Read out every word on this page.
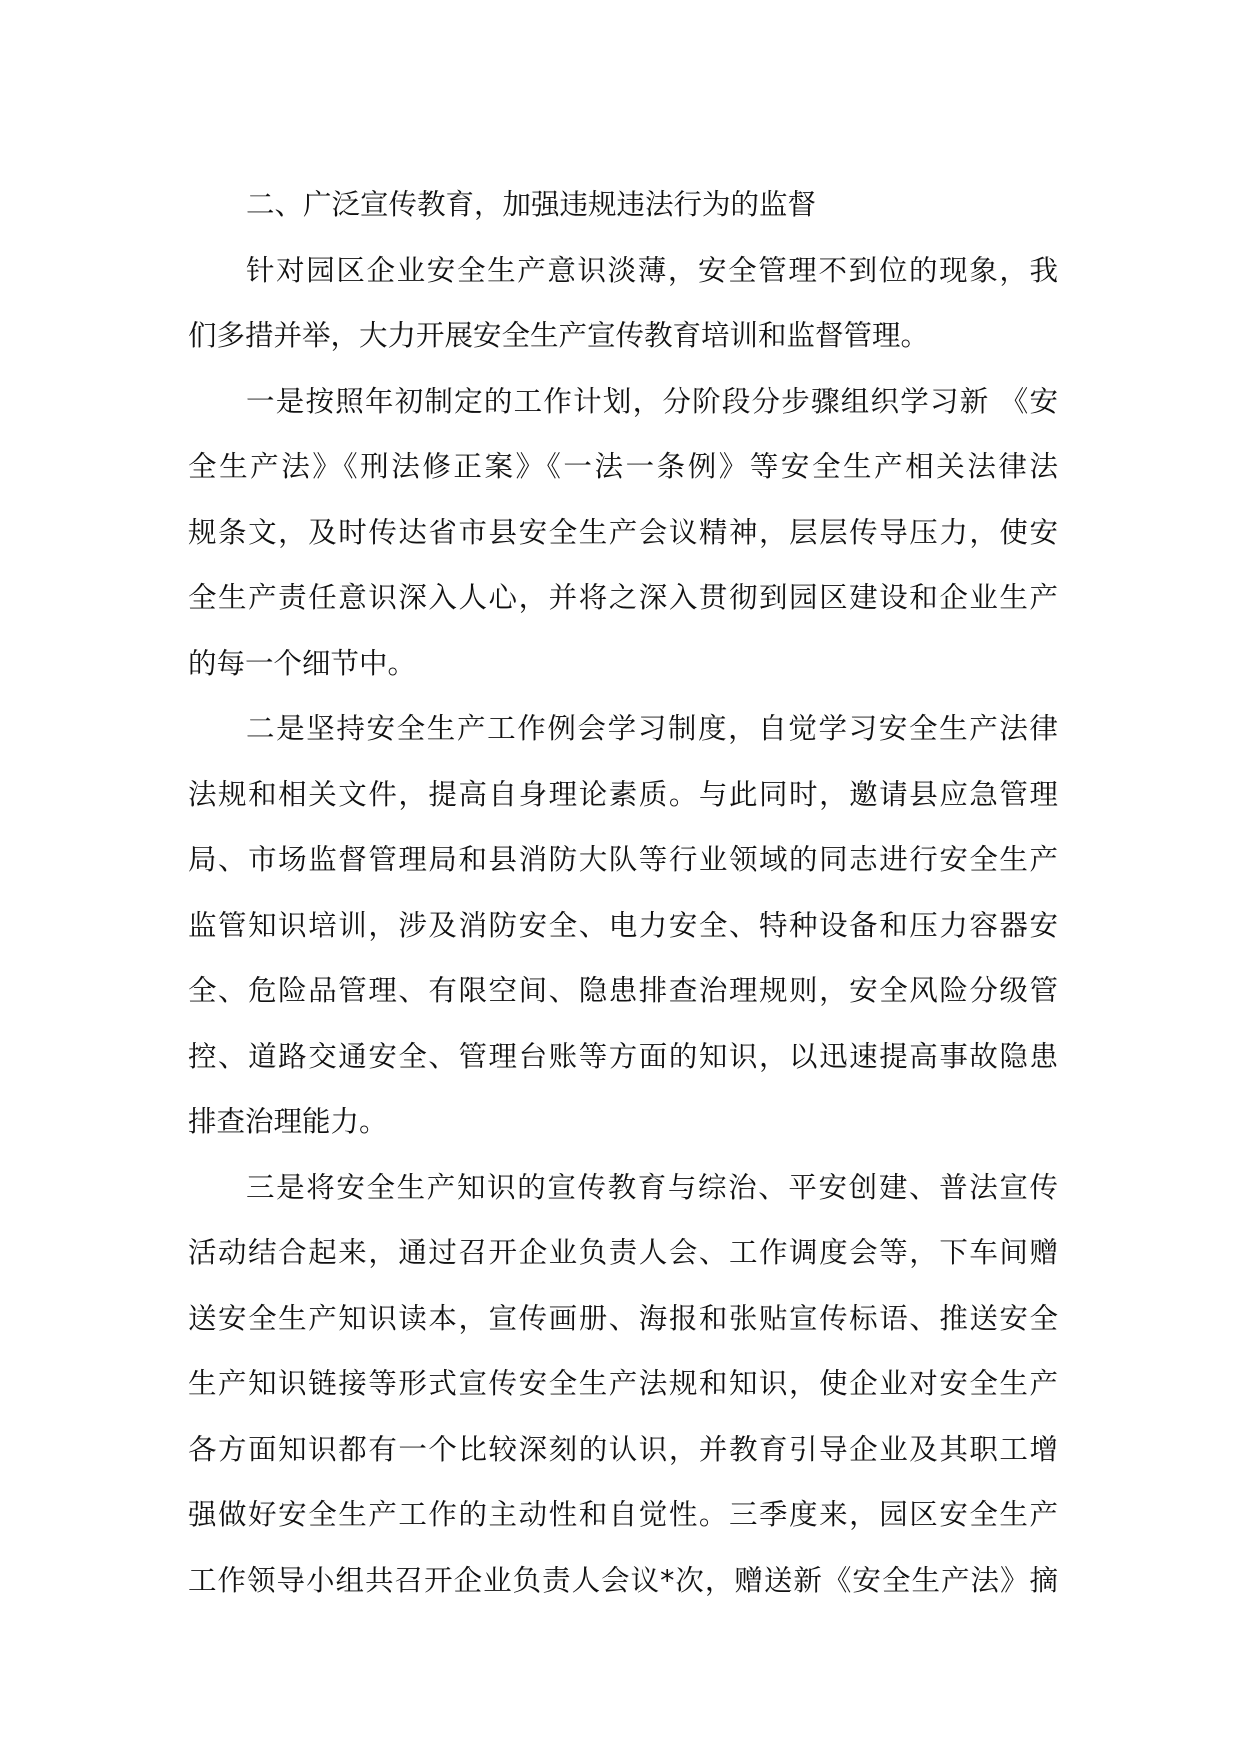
二、广泛宣传教育，加强违规违法行为的监督
针对园区企业安全生产意识淡薄，安全管理不到位的现象，我
们多措并举，大力开展安全生产宣传教育培训和监督管理。
一是按照年初制定的工作计划，分阶段分步骤组织学习新 《安
全生产法》《刑法修正案》《一法一条例》等安全生产相关法律法
规条文，及时传达省市县安全生产会议精神，层层传导压力，使安
全生产责任意识深入人心，并将之深入贯彻到园区建设和企业生产
的每一个细节中。
二是坚持安全生产工作例会学习制度，自觉学习安全生产法律
法规和相关文件，提高自身理论素质。与此同时，邀请县应急管理
局、市场监督管理局和县消防大队等行业领域的同志进行安全生产
监管知识培训，涉及消防安全、电力安全、特种设备和压力容器安
全、危险品管理、有限空间、隐患排查治理规则，安全风险分级管
控、道路交通安全、管理台账等方面的知识，以迅速提高事故隐患
排查治理能力。
三是将安全生产知识的宣传教育与综治、平安创建、普法宣传
活动结合起来，通过召开企业负责人会、工作调度会等，下车间赠
送安全生产知识读本，宣传画册、海报和张贴宣传标语、推送安全
生产知识链接等形式宣传安全生产法规和知识，使企业对安全生产
各方面知识都有一个比较深刻的认识，并教育引导企业及其职工增
强做好安全生产工作的主动性和自觉性。三季度来，园区安全生产
工作领导小组共召开企业负责人会议*次，赠送新《安全生产法》摘
